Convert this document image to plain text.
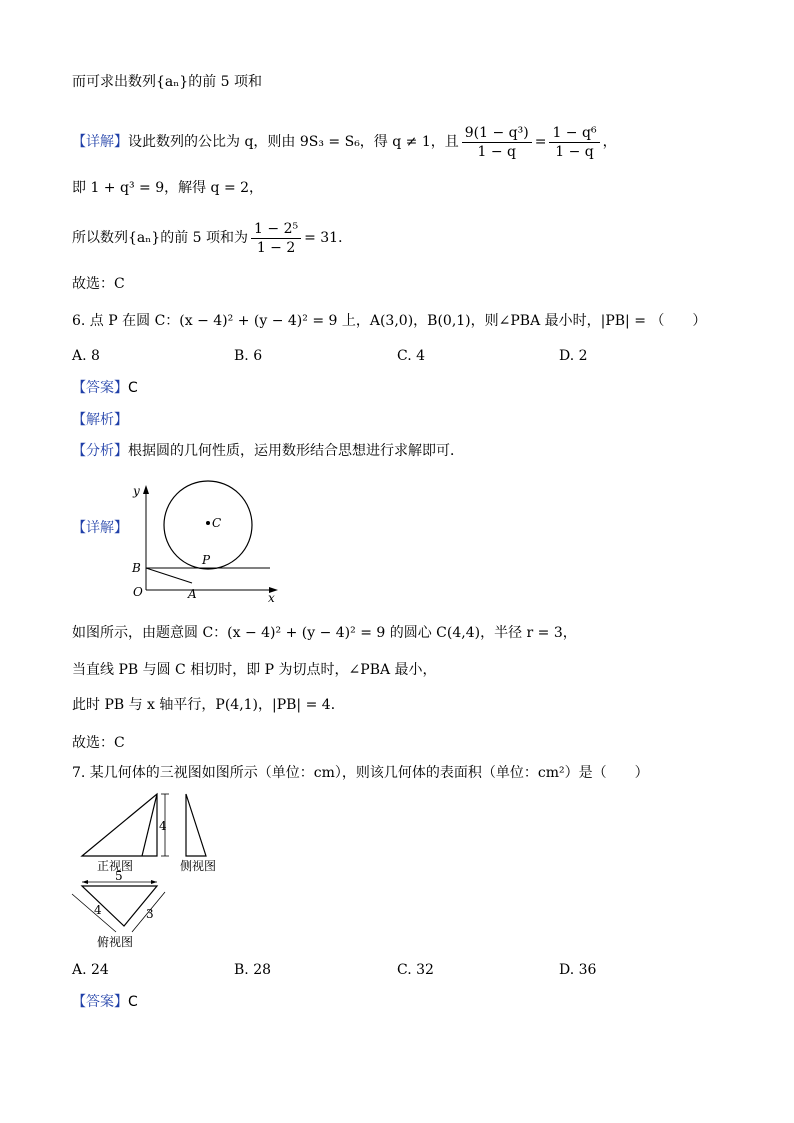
而可求出数列{aₙ}的前 5 项和
【详解】设此数列的公比为 q，则由 9S₃ = S₆，得 q ≠ 1，且 $\frac{\text{9(1 − q³)}}{1 - q} = \frac{\text{1 − q⁶}}{1 - q}$ ，
即 1 + q³ = 9，解得 q = 2，
所以数列{aₙ}的前 5 项和为 $\frac{\text{1 − 2⁵}}{1 - 2} = 31$．
故选：C
6. 点 P 在圆 C：(x − 4)² + (y − 4)² = 9 上，A(3,0)，B(0,1)，则∠PBA 最小时，|PB| = （　　）
A. 8	B. 6	C. 4	D. 2
【答案】C
【解析】
【分析】根据圆的几何性质，运用数形结合思想进行求解即可．
【详解】
y
x
C
P
B
O	A
如图所示，由题意圆 C：(x − 4)² + (y − 4)² = 9 的圆心 C(4,4)，半径 r = 3，
当直线 PB 与圆 C 相切时，即 P 为切点时，∠PBA 最小，
此时 PB 与 x 轴平行，P(4,1)，|PB| = 4．
故选：C
7. 某几何体的三视图如图所示（单位：cm），则该几何体的表面积（单位：cm²）是（　　）
4
正视图	侧视图
5
4	3
俯视图
A. 24	B. 28	C. 32	D. 36
【答案】C
